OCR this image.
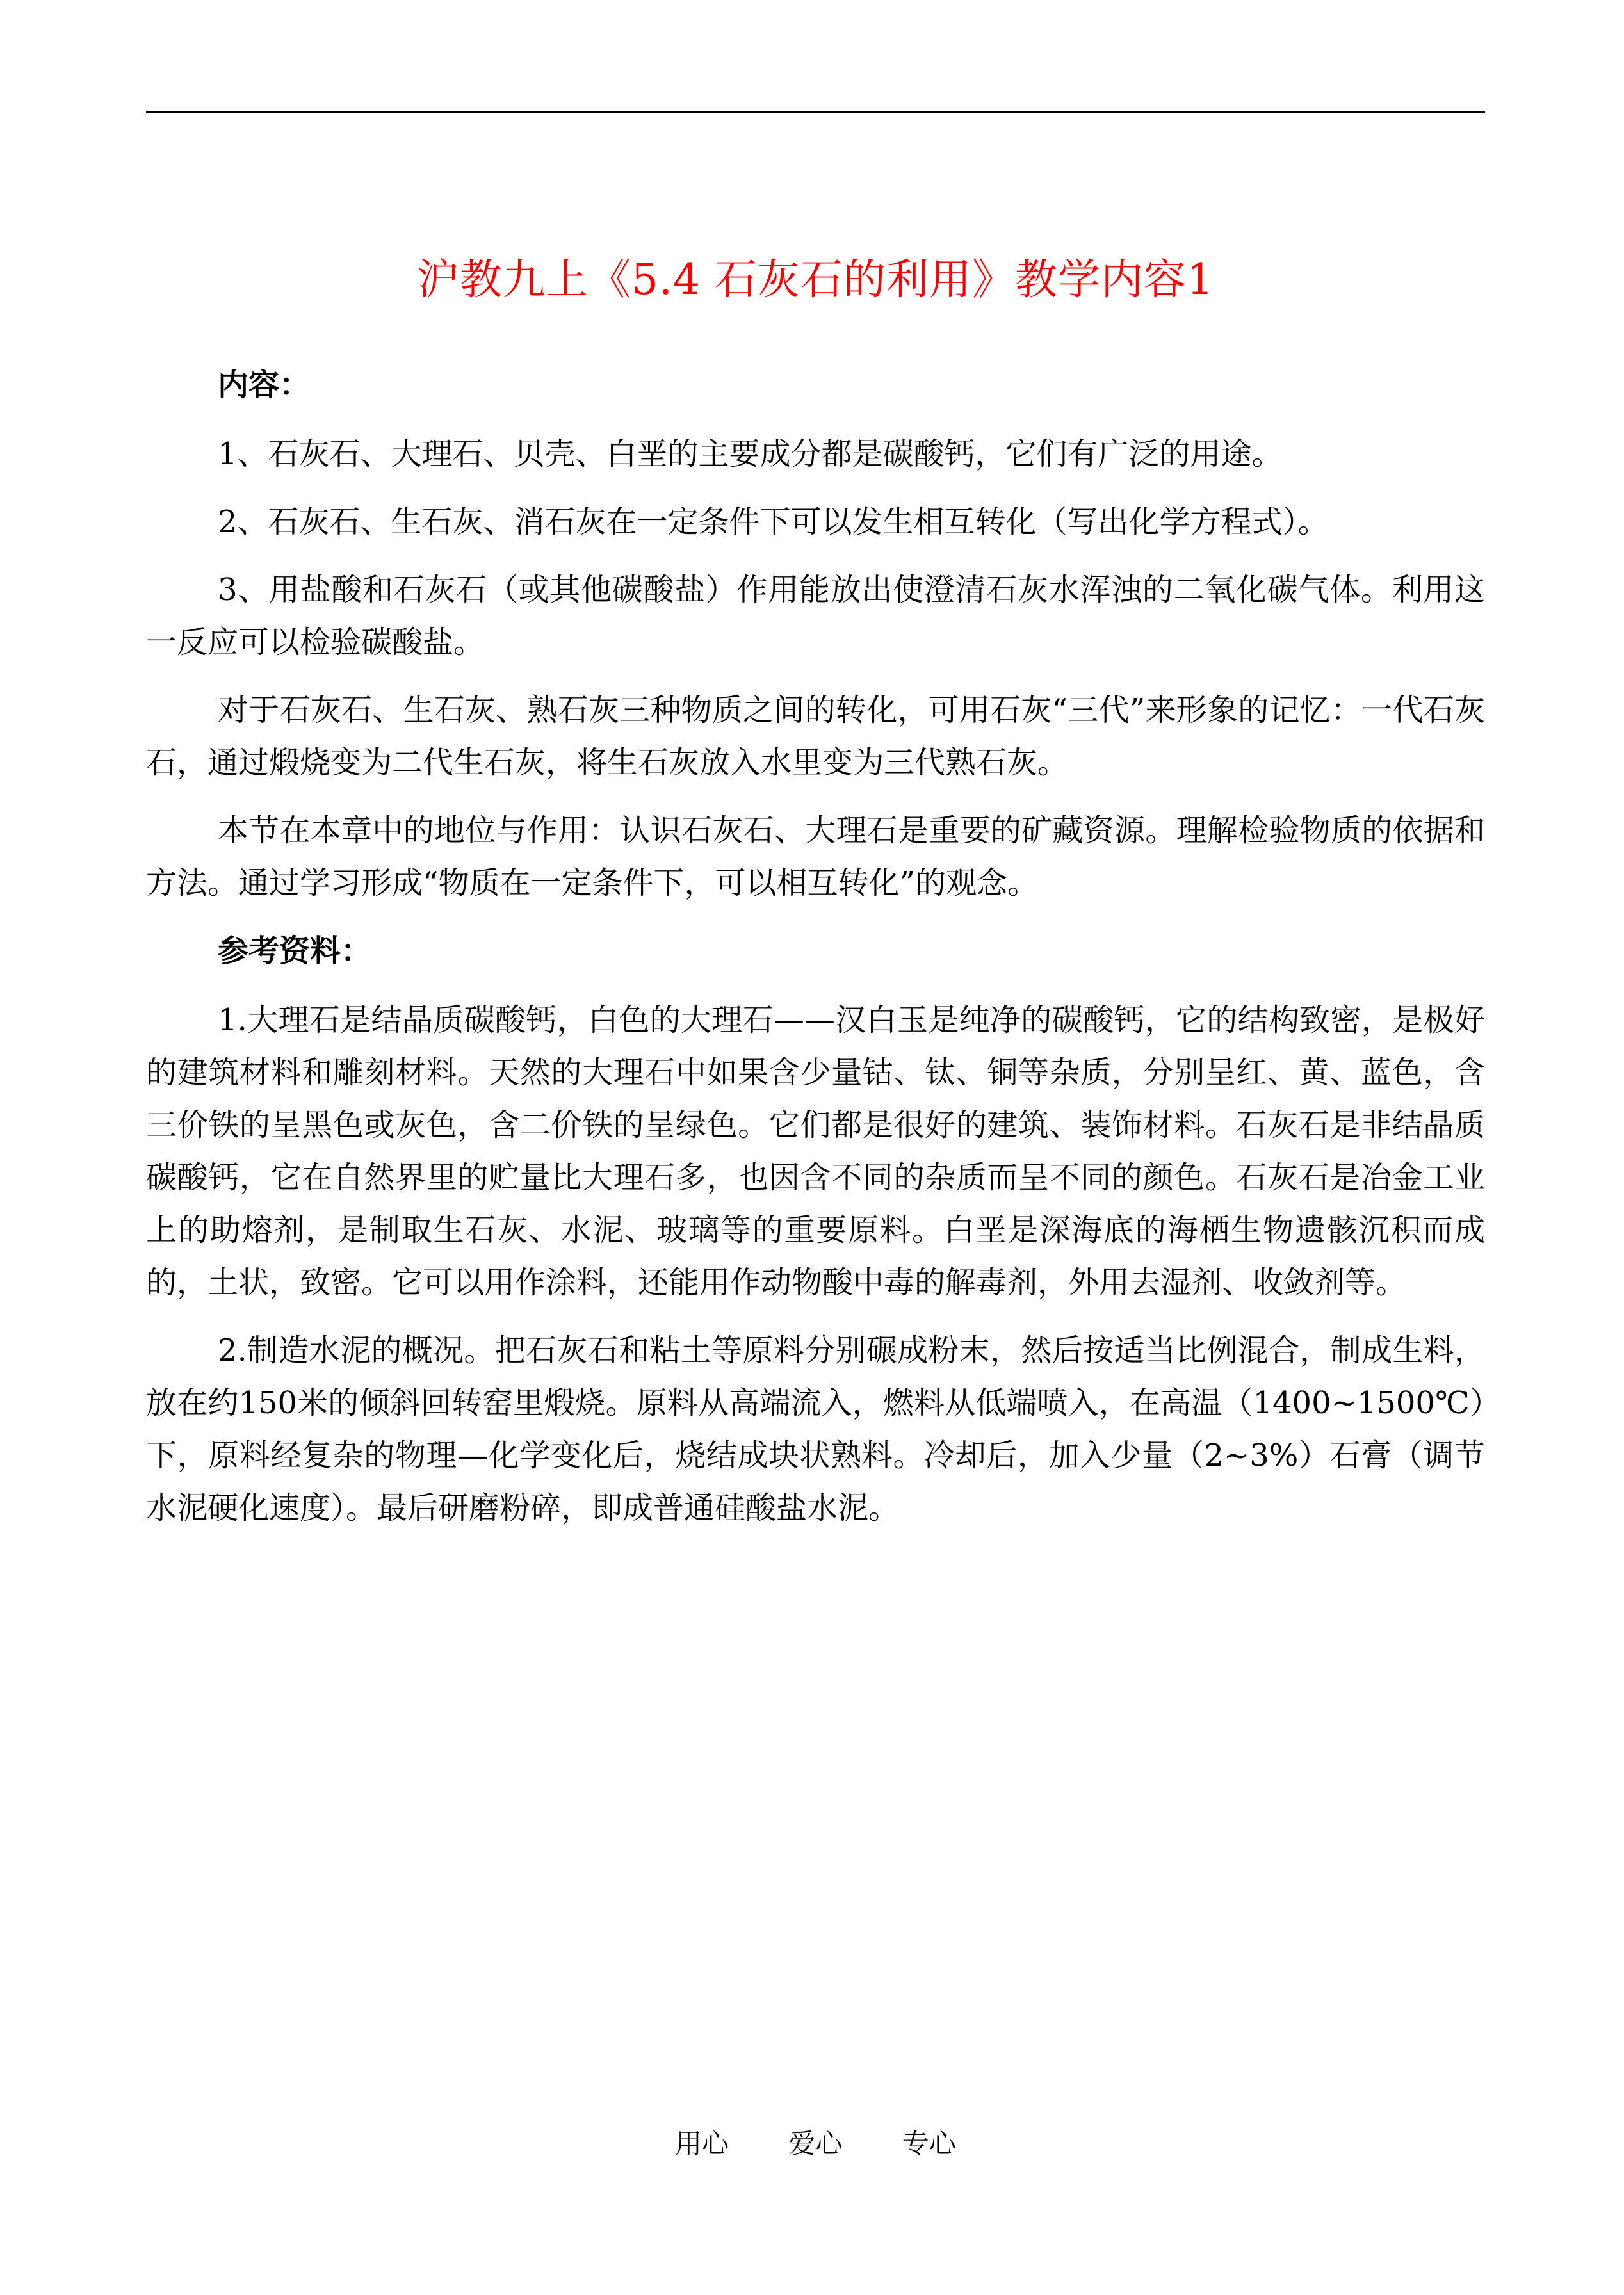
沪教九上《5.4 石灰石的利用》教学内容1
内容：

1、石灰石、大理石、贝壳、白垩的主要成分都是碳酸钙，它们有广泛的用途。

2、石灰石、生石灰、消石灰在一定条件下可以发生相互转化（写出化学方程式）。

3、用盐酸和石灰石（或其他碳酸盐）作用能放出使澄清石灰水浑浊的二氧化碳气体。利用这一反应可以检验碳酸盐。

对于石灰石、生石灰、熟石灰三种物质之间的转化，可用石灰“三代”来形象的记忆：一代石灰石，通过煅烧变为二代生石灰，将生石灰放入水里变为三代熟石灰。

本节在本章中的地位与作用：认识石灰石、大理石是重要的矿藏资源。理解检验物质的依据和方法。通过学习形成“物质在一定条件下，可以相互转化”的观念。

参考资料：

1.大理石是结晶质碳酸钙，白色的大理石——汉白玉是纯净的碳酸钙，它的结构致密，是极好的建筑材料和雕刻材料。天然的大理石中如果含少量钴、钛、铜等杂质，分别呈红、黄、蓝色，含三价铁的呈黑色或灰色，含二价铁的呈绿色。它们都是很好的建筑、装饰材料。石灰石是非结晶质碳酸钙，它在自然界里的贮量比大理石多，也因含不同的杂质而呈不同的颜色。石灰石是冶金工业上的助熔剂，是制取生石灰、水泥、玻璃等的重要原料。白垩是深海底的海栖生物遗骸沉积而成的，土状，致密。它可以用作涂料，还能用作动物酸中毒的解毒剂，外用去湿剂、收敛剂等。

2.制造水泥的概况。把石灰石和粘土等原料分别碾成粉末，然后按适当比例混合，制成生料，放在约150米的倾斜回转窑里煅烧。原料从高端流入，燃料从低端喷入，在高温（1400~1500℃）下，原料经复杂的物理—化学变化后，烧结成块状熟料。冷却后，加入少量（2~3%）石膏（调节水泥硬化速度）。最后研磨粉碎，即成普通硅酸盐水泥。

用心 爱心 专心
